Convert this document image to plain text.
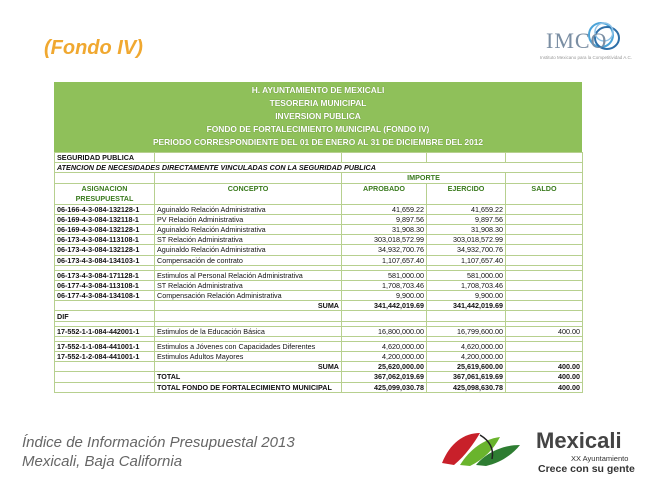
(Fondo IV)	IMCO
Instituto Mexicano para la Competitividad A.C.
H. AYUNTAMIENTO DE MEXICALI
TESORERIA MUNICIPAL
INVERSION PUBLICA
FONDO DE FORTALECIMIENTO MUNICIPAL (FONDO IV)
PERIODO CORRESPONDIENTE DEL 01 DE ENERO AL 31 DE DICIEMBRE DEL 2012
SEGURIDAD PUBLICA				
ATENCION DE NECESIDADES DIRECTAMENTE VINCULADAS CON LA SEGURIDAD PUBLICA				
		IMPORTE		
ASIGNACION PRESUPUESTAL	CONCEPTO	APROBADO	EJERCIDO	SALDO
06-166-4-3-084-132128-1	Aguinaldo Relación Administrativa	41,659.22	41,659.22	
06-169-4-3-084-132118-1	PV Relación Administrativa	9,897.56	9,897.56	
06-169-4-3-084-132128-1	Aguinaldo Relación Administrativa	31,908.30	31,908.30	
06-173-4-3-084-113108-1	ST Relación Administrativa	303,018,572.99	303,018,572.99	
06-173-4-3-084-132128-1	Aguinaldo Relación Administrativa	34,932,700.76	34,932,700.76	
06-173-4-3-084-134103-1	Compensación de contrato	1,107,657.40	1,107,657.40	

06-173-4-3-084-171128-1	Estimulos al Personal Relación Administrativa	581,000.00	581,000.00	
06-177-4-3-084-113108-1	ST Relación Administrativa	1,708,703.46	1,708,703.46	
06-177-4-3-084-134108-1	Compensación Relación Administrativa	9,900.00	9,900.00	
	SUMA	341,442,019.69	341,442,019.69	
DIF				

17-552-1-1-084-442001-1	Estimulos de la Educación Básica	16,800,000.00	16,799,600.00	400.00

17-552-1-1-084-441001-1	Estimulos a Jóvenes con Capacidades Diferentes	4,620,000.00	4,620,000.00	
17-552-1-2-084-441001-1	Estimulos Adultos Mayores	4,200,000.00	4,200,000.00	
	SUMA	25,620,000.00	25,619,600.00	400.00
	TOTAL	367,062,019.69	367,061,619.69	400.00
	TOTAL FONDO DE FORTALECIMIENTO MUNICIPAL	425,099,030.78	425,098,630.78	400.00
Índice de Información Presupuestal 2013
Mexicali, Baja California
Mexicali
XX Ayuntamiento
Crece con su gente
